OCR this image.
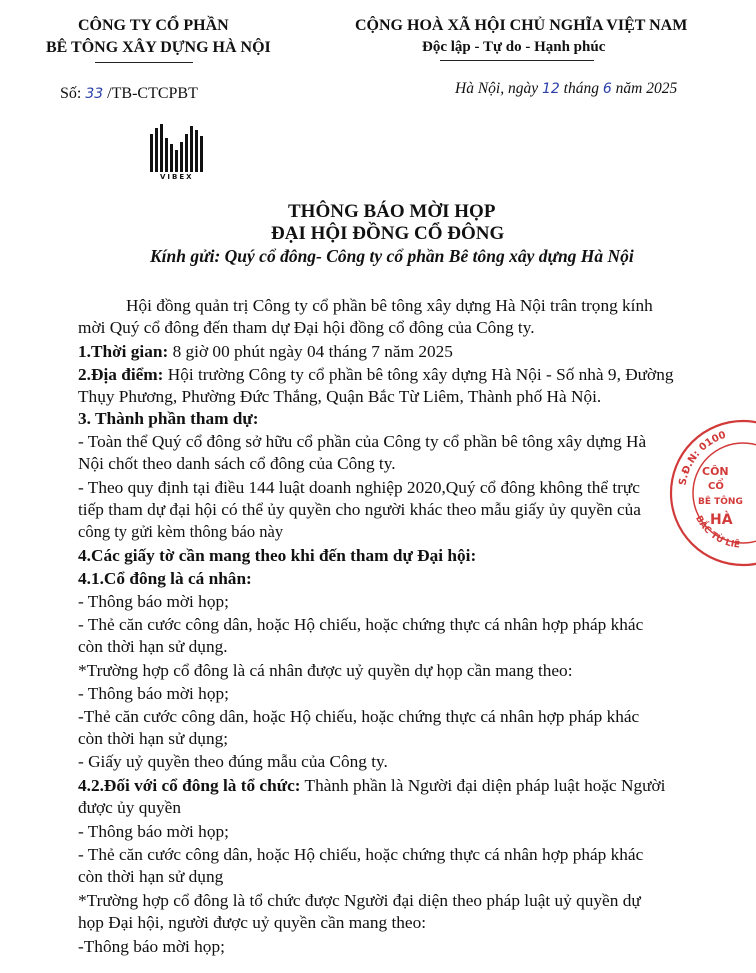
CÔNG TY CỔ PHẦN
BÊ TÔNG XÂY DỰNG HÀ NỘI
Số: 33 /TB-CTCPBT
VIBEX
CỘNG HOÀ XÃ HỘI CHỦ NGHĨA VIỆT NAM
Độc lập - Tự do - Hạnh phúc
Hà Nội, ngày 12 tháng 6 năm 2025
THÔNG BÁO MỜI HỌP
ĐẠI HỘI ĐỒNG CỔ ĐÔNG
Kính gửi: Quý cổ đông- Công ty cổ phần Bê tông xây dựng Hà Nội
Hội đồng quản trị Công ty cổ phần bê tông xây dựng Hà Nội trân trọng kính
mời Quý cổ đông đến tham dự Đại hội đồng cổ đông của Công ty.
1.Thời gian: 8 giờ 00 phút ngày 04 tháng 7 năm 2025
2.Địa điểm: Hội trường Công ty cổ phần bê tông xây dựng Hà Nội - Số nhà 9, Đường
Thụy Phương, Phường Đức Thắng, Quận Bắc Từ Liêm, Thành phố Hà Nội.
3. Thành phần tham dự:
- Toàn thể Quý cổ đông sở hữu cổ phần của Công ty cổ phần bê tông xây dựng Hà
Nội chốt theo danh sách cổ đông của Công ty.
- Theo quy định tại điều 144 luật doanh nghiệp 2020,Quý cổ đông không thể trực
tiếp tham dự đại hội có thể ủy quyền cho người khác theo mẫu giấy ủy quyền của
công ty gửi kèm thông báo này
4.Các giấy tờ cần mang theo khi đến tham dự Đại hội:
4.1.Cổ đông là cá nhân:
- Thông báo mời họp;
- Thẻ căn cước công dân, hoặc Hộ chiếu, hoặc chứng thực cá nhân hợp pháp khác
còn thời hạn sử dụng.
*Trường hợp cổ đông là cá nhân được uỷ quyền dự họp cần mang theo:
- Thông báo mời họp;
-Thẻ căn cước công dân, hoặc Hộ chiếu, hoặc chứng thực cá nhân hợp pháp khác
còn thời hạn sử dụng;
- Giấy uỷ quyền theo đúng mẫu của Công ty.
4.2.Đối với cổ đông là tổ chức: Thành phần là Người đại diện pháp luật hoặc Người
được ủy quyền
- Thông báo mời họp;
- Thẻ căn cước công dân, hoặc Hộ chiếu, hoặc chứng thực cá nhân hợp pháp khác
còn thời hạn sử dụng
*Trường hợp cổ đông là tổ chức được Người đại diện theo pháp luật uỷ quyền dự
họp Đại hội, người được uỷ quyền cần mang theo:
-Thông báo mời họp;
S.Đ.N: 0100
BẮC TỪ LIÊ
CÔN
CỔ
BÊ TÔNG
HÀ
